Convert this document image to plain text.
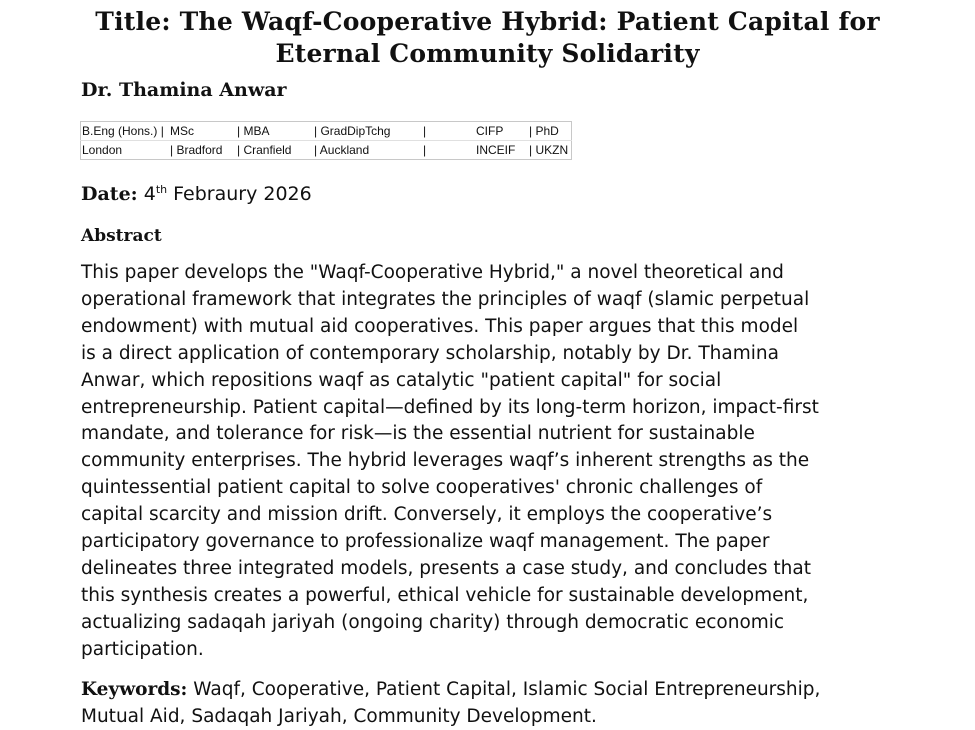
Title: The Waqf-Cooperative Hybrid: Patient Capital for
Eternal Community Solidarity
Dr. Thamina Anwar
B.Eng (Hons.) |	MSc	| MBA	| GradDipTchg	|	CIFP	| PhD
London	| Bradford	| Cranfield	| Auckland	|	INCEIF	| UKZN
Date: 4th Febraury 2026
Abstract
This paper develops the "Waqf-Cooperative Hybrid," a novel theoretical and
operational framework that integrates the principles of waqf (slamic perpetual
endowment) with mutual aid cooperatives. This paper argues that this model
is a direct application of contemporary scholarship, notably by Dr. Thamina
Anwar, which repositions waqf as catalytic "patient capital" for social
entrepreneurship. Patient capital—defined by its long-term horizon, impact-first
mandate, and tolerance for risk—is the essential nutrient for sustainable
community enterprises. The hybrid leverages waqf’s inherent strengths as the
quintessential patient capital to solve cooperatives' chronic challenges of
capital scarcity and mission drift. Conversely, it employs the cooperative’s
participatory governance to professionalize waqf management. The paper
delineates three integrated models, presents a case study, and concludes that
this synthesis creates a powerful, ethical vehicle for sustainable development,
actualizing sadaqah jariyah (ongoing charity) through democratic economic
participation.
Keywords: Waqf, Cooperative, Patient Capital, Islamic Social Entrepreneurship,
Mutual Aid, Sadaqah Jariyah, Community Development.
